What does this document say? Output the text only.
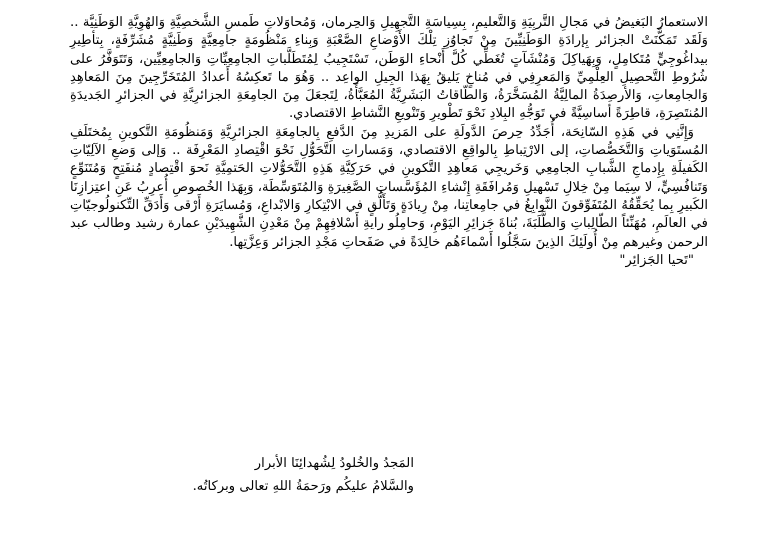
الاستعمارُ البَغيضُ في مَجالِ التَّربِيَةِ وَالتَّعليمِ، بِسِياسَةِ التَّجهِيلِ وَالحِرمان، وَمُحاوَلاتِ طَمسِ الشَّخصِيَّةِ وَالهُوِيَّةِ الوَطَنِيَّة .. وَلَقَد تَمَكَّنَتْ الجزائر بِإرادَةِ الوَطَنِيِّينَ مِنْ تَجاوُزِ تِلْكَ الأَوْضاعِ الصَّعْبَةِ وَبِناءِ مَنْظُومَةٍ جامِعِيَّةٍ وَطَنِيَّةٍ مُشَرِّفَةٍ، بِتأطِيرِ بيداغُوجِيٍّ مُتَكامِلٍ، وَبِهَياكِلَ وَمُنْشَآتٍ تُغَطِّي كُلَّ أَنْحاءِ الوَطَن، تَسْتَجِيبُ لِمُتَطَلَّباتِ الجامِعِيِّاتِ وَالجامِعِيِّين، وَتَتَوَفَّرُ على شُرُوطِ التَّحصِيلِ العِلْمِيِّ وَالمَعرِفِي في مُناخٍ يَليقُ بِهَذا الجِيلِ الواعِد .. وَهُوَ ما تَعكِسُهُ أَعدادُ المُتَخَرِّجِينَ مِنَ المَعاهِدِ وَالجامِعاتِ، وَالأرصِدَةُ المالِيَّةُ المُسَخَّرَةُ، وَالطّاقاتُ البَشَرِيَّةُ المُعَبَّأَةُ، لِتَجعَلَ مِنَ الجامِعَةِ الجزائرِيَّةِ في الجزائرِ الجَديدَةِ المُنتَصِرَةِ، قاطِرَةً أساسِيَّةً في تَوَجُّهِ البِلادِ نَحْوَ تَطْويرِ وَتَنْويعِ النَّشاطِ الاقتصادي.

وَإِنَّنِي في هَذِهِ السّانِحَة، أُجَدِّدُ حِرصَ الدَّولَةِ على المَزيدِ مِنَ الدَّفعِ بِالجامِعَةِ الجزائرِيَّةِ وَمَنظُومَةِ التَّكوينِ بِمُختَلَفِ المُستَوَياتِ وَالتَّخَصُّصاتِ، إلى الارْتِباطِ بِالواقِعِ الاقتصادي، وَمَساراتِ التَّحَوُّلِ نَحْوَ اقْتِصادِ المَعْرِفَة .. وَإلى وَضعِ الآلِيّاتِ الكَفيلَةِ بِإِدماجِ الشَّبابِ الجامِعِي وَخَريجِي مَعاهِدِ التَّكوينِ في حَرَكِيَّةِ هَذِهِ التَّحَوُّلاتِ الحَتمِيَّةِ نَحوَ اقْتِصادٍ مُنفَتِحٍ وَمُتَنَوِّعٍ وَتَنافُسِيٍّ، لا سِيَما مِنْ خِلالِ تَسْهيلِ وَمُرافَقَةِ إِنْشاءِ المُؤَسَّساتِ الصَّغِيرَةِ وَالمُتَوَسِّطَة، وَبِهَذا الخُصوصِ أُعرِبُ عَنِ اعتِزازِنَا الكَبيرِ بِما يُحَقِّقُهُ المُتَفَوِّقونَ النَّوابِغُ في جامِعاتِنا، مِنْ رِيادَةٍ وَتَأَلُّقٍ في الابْتِكارِ وَالابْداعِ، وَمُسايَرَةِ أَرْقى وَأَدَقِّ التِّكنولُوجيّاتِ في العالَمِ، مُهَنِّئاً الطّالِباتِ وَالطَّلَبَةَ، بُناةَ جَزائِرِ اليَوْمِ، وَحامِلُو رايةِ أَسْلافِهِمْ مِنْ مَعْدِنِ الشَّهِيدَيْنِ عمارة رشيد وطالب عبد الرحمن وغيرهم مِنْ أُولَئِكَ الذِينَ سَجَّلُوا أَسْماءَهُم خالِدَةً في صَفَحاتِ مَجْدِ الجزائر وَعِزَّتِها.

"تَحيا الجَزائِر"

المَجدُ والخُلودُ لِشُهدائِنَا الأبرار
والسَّلامُ عليكُم ورَحمَةُ اللهِ تعالى وبركاتُه.
